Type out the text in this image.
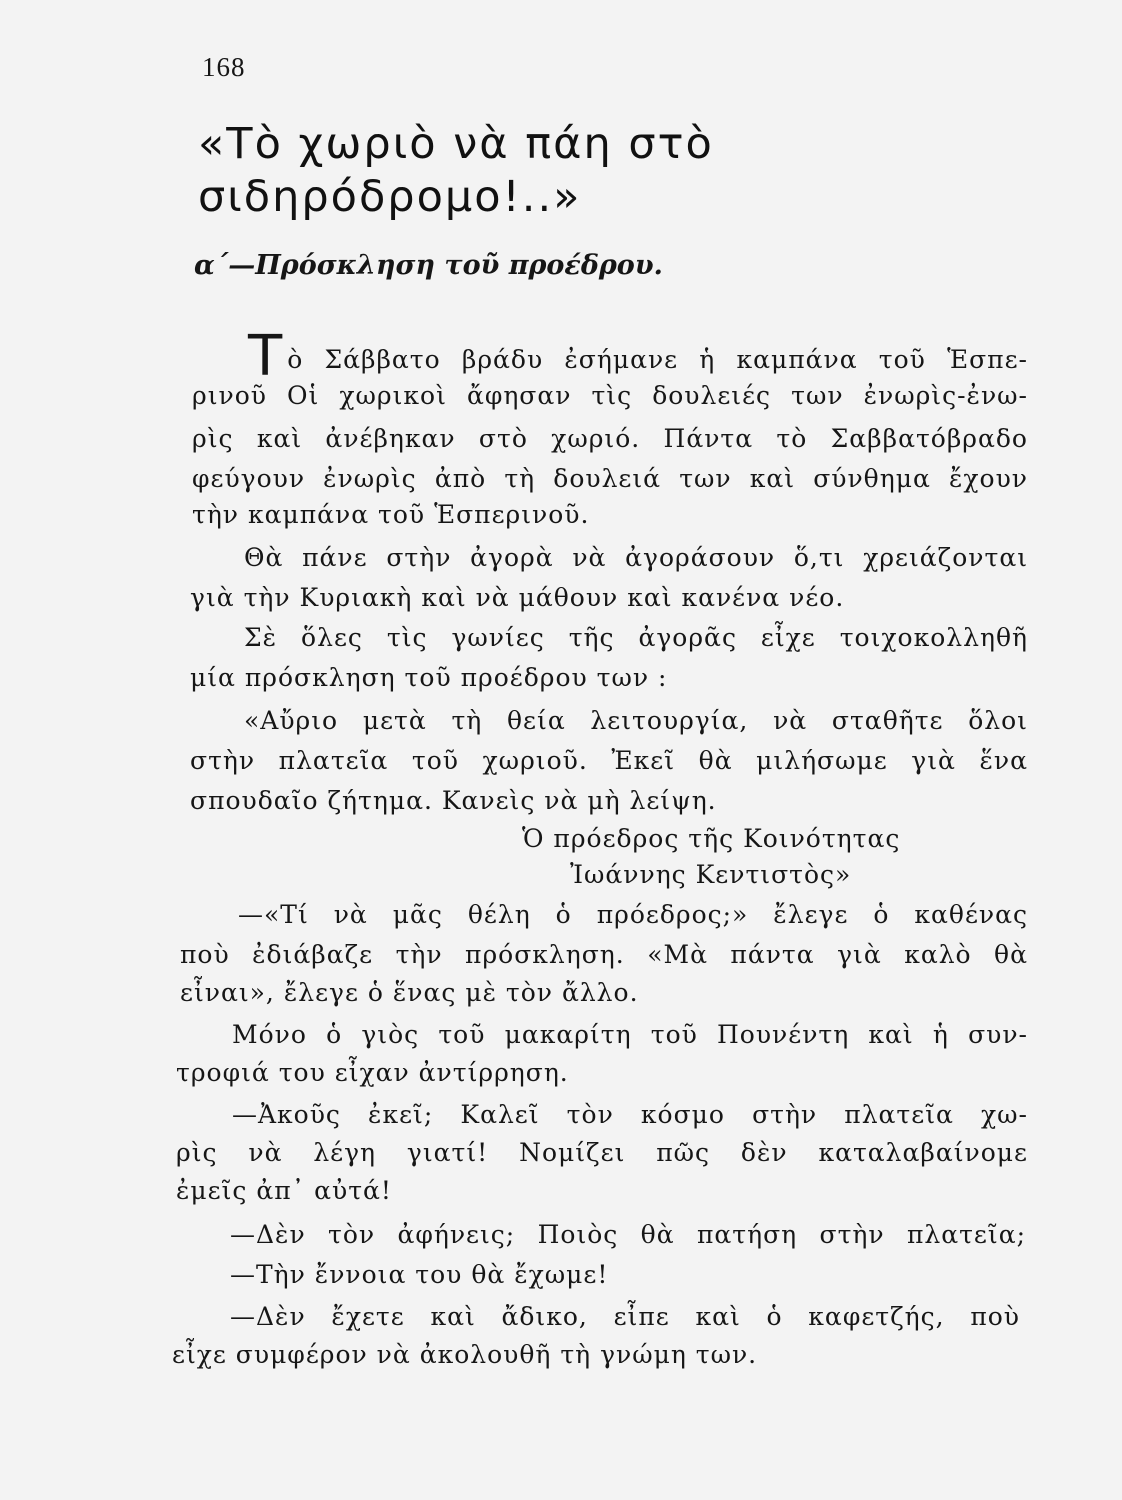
168
«Τὸ χωριὸ νὰ πάη στὸ
σιδηρόδρομο!..»
α΄—Πρόσκληση τοῦ προέδρου.
Tὸ Σάββατο βράδυ ἐσήμανε ἡ καμπάνα τοῦ Ἑσπε-
ρινοῦ Οἱ χωρικοὶ ἄφησαν τὶς δουλειές των ἐνωρὶς-ἐνω-
ρὶς καὶ ἀνέβηκαν στὸ χωριό. Πάντα τὸ Σαββατόβραδο
φεύγουν ἐνωρὶς ἀπὸ τὴ δουλειά των καὶ σύνθημα ἔχουν
τὴν καμπάνα τοῦ Ἑσπερινοῦ.
Θὰ πάνε στὴν ἀγορὰ νὰ ἀγοράσουν ὅ,τι χρειάζονται
γιὰ τὴν Κυριακὴ καὶ νὰ μάθουν καὶ κανένα νέο.
Σὲ ὅλες τὶς γωνίες τῆς ἀγορᾶς εἶχε τοιχοκολληθῆ
μία πρόσκληση τοῦ προέδρου των :
«Αὔριο μετὰ τὴ θεία λειτουργία, νὰ σταθῆτε ὅλοι
στὴν πλατεῖα τοῦ χωριοῦ. Ἐκεῖ θὰ μιλήσωμε γιὰ ἕνα
σπουδαῖο ζήτημα. Κανεὶς νὰ μὴ λείψη.
Ὁ πρόεδρος τῆς Κοινότητας
Ἰωάννης Κεντιστὸς»
—«Τί νὰ μᾶς θέλη ὁ πρόεδρος;» ἔλεγε ὁ καθένας
ποὺ ἐδιάβαζε τὴν πρόσκληση. «Μὰ πάντα γιὰ καλὸ θὰ
εἶναι», ἔλεγε ὁ ἕνας μὲ τὸν ἄλλο.
Μόνο ὁ γιὸς τοῦ μακαρίτη τοῦ Πουνέντη καὶ ἡ συν-
τροφιά του εἶχαν ἀντίρρηση.
—Ἀκοῦς ἐκεῖ; Καλεῖ τὸν κόσμο στὴν πλατεῖα χω-
ρὶς νὰ λέγη γιατί! Νομίζει πῶς δὲν καταλαβαίνομε
ἐμεῖς ἀπ᾿ αὐτά!
—Δὲν τὸν ἀφήνεις; Ποιὸς θὰ πατήση στὴν πλατεῖα;
—Τὴν ἔννοια του θὰ ἔχωμε!
—Δὲν ἔχετε καὶ ἄδικο, εἶπε καὶ ὁ καφετζής, ποὺ
εἶχε συμφέρον νὰ ἀκολουθῆ τὴ γνώμη των.
